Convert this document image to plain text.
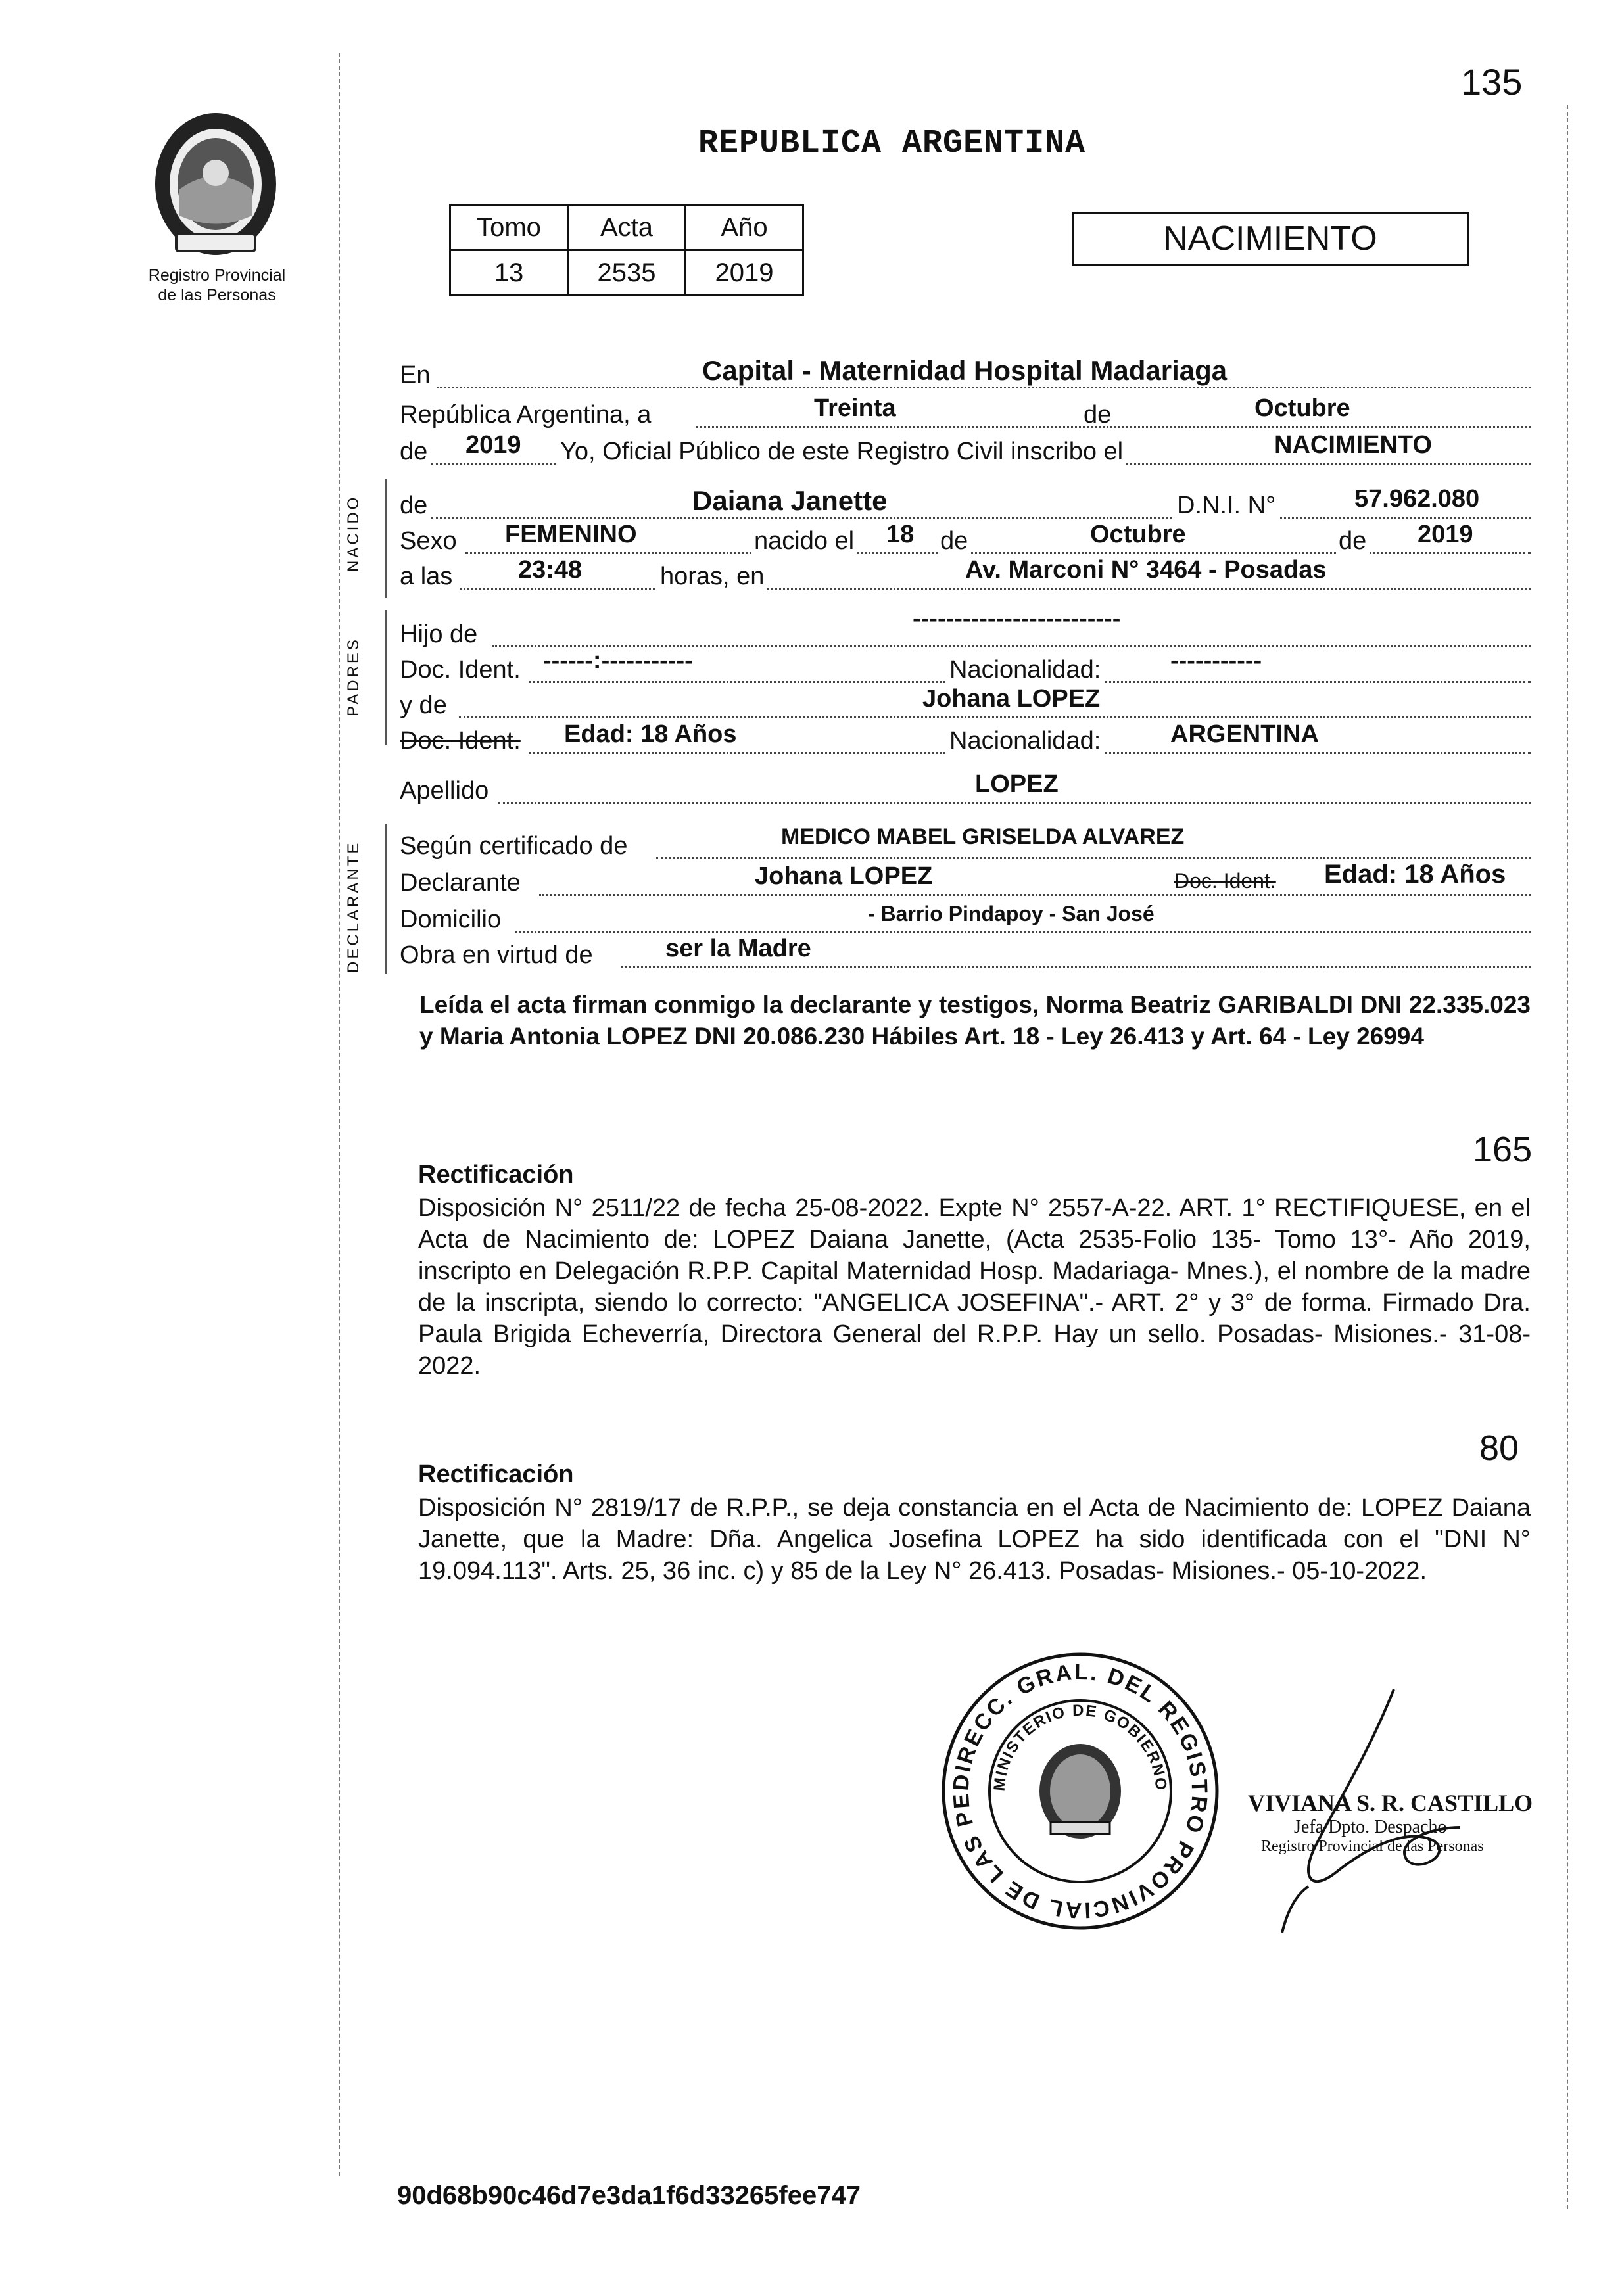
135
Registro Provincial
de las Personas
REPUBLICA ARGENTINA
Tomo	Acta	Año
13	2535	2019
NACIMIENTO
En	Capital - Maternidad Hospital Madariaga
República Argentina, a	Treinta	de	Octubre
de 2019 Yo, Oficial Público de este Registro Civil inscribo el	NACIMIENTO
NACIDO de	Daiana Janette	D.N.I. N°	57.962.080
Sexo FEMENINO	nacido el 18 de	Octubre	de 2019
a las	23:48	horas, en	Av. Marconi N° 3464 - Posadas
PADRES
Hijo de
-------------------------
Doc. Ident. ------:-----------	Nacionalidad:	-----------
y de	Johana LOPEZ
Doc. Ident. Edad: 18 Años	Nacionalidad:	ARGENTINA
Apellido	LOPEZ
DECLARANTE Según certificado de	MEDICO MABEL GRISELDA ALVAREZ
Declarante	Johana LOPEZ	Doc. Ident. Edad: 18 Años
Domicilio	- Barrio Pindapoy - San José
Obra en virtud de	ser la Madre
Leída el acta firman conmigo la declarante y testigos, Norma Beatriz GARIBALDI DNI 22.335.023 y Maria Antonia LOPEZ DNI 20.086.230 Hábiles Art. 18 - Ley 26.413 y Art. 64 - Ley 26994
165
Rectificación
Disposición N° 2511/22 de fecha 25-08-2022. Expte N° 2557-A-22. ART. 1° RECTIFIQUESE, en el Acta de Nacimiento de: LOPEZ Daiana Janette, (Acta 2535-Folio 135- Tomo 13°- Año 2019, inscripto en Delegación R.P.P. Capital Maternidad Hosp. Madariaga- Mnes.), el nombre de la madre de la inscripta, siendo lo correcto: "ANGELICA JOSEFINA".- ART. 2° y 3° de forma. Firmado Dra. Paula Brigida Echeverría, Directora General del R.P.P. Hay un sello. Posadas- Misiones.- 31-08-2022.
80
Rectificación
Disposición N° 2819/17 de R.P.P., se deja constancia en el Acta de Nacimiento de: LOPEZ Daiana Janette, que la Madre: Dña. Angelica Josefina LOPEZ ha sido identificada con el "DNI N° 19.094.113". Arts. 25, 36 inc. c) y 85 de la Ley N° 26.413. Posadas- Misiones.- 05-10-2022.
DIRECC. GRAL. DEL REGISTRO PROVINCIAL DE LAS PE
MINISTERIO DE GOBIERNO
VIVIANA S. R. CASTILLO
Jefa Dpto. Despacho
Registro Provincial de las Personas
90d68b90c46d7e3da1f6d33265fee747
